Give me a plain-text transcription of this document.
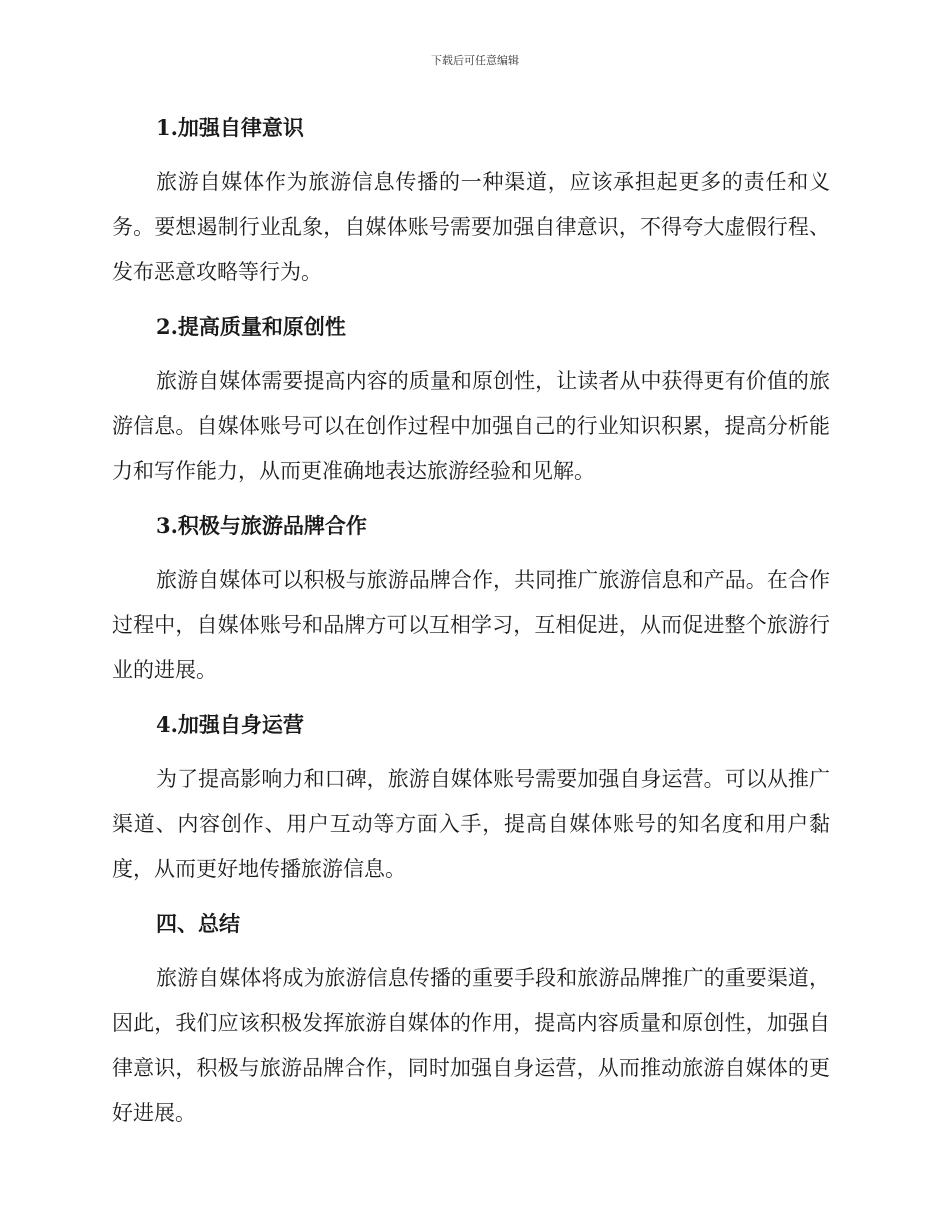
下载后可任意编辑
1.加强自律意识

旅游自媒体作为旅游信息传播的一种渠道，应该承担起更多的责任和义务。要想遏制行业乱象，自媒体账号需要加强自律意识，不得夸大虚假行程、发布恶意攻略等行为。

2.提高质量和原创性

旅游自媒体需要提高内容的质量和原创性，让读者从中获得更有价值的旅游信息。自媒体账号可以在创作过程中加强自己的行业知识积累，提高分析能力和写作能力，从而更准确地表达旅游经验和见解。

3.积极与旅游品牌合作

旅游自媒体可以积极与旅游品牌合作，共同推广旅游信息和产品。在合作过程中，自媒体账号和品牌方可以互相学习，互相促进，从而促进整个旅游行业的进展。

4.加强自身运营

为了提高影响力和口碑，旅游自媒体账号需要加强自身运营。可以从推广渠道、内容创作、用户互动等方面入手，提高自媒体账号的知名度和用户黏度，从而更好地传播旅游信息。

四、总结

旅游自媒体将成为旅游信息传播的重要手段和旅游品牌推广的重要渠道，因此，我们应该积极发挥旅游自媒体的作用，提高内容质量和原创性，加强自律意识，积极与旅游品牌合作，同时加强自身运营，从而推动旅游自媒体的更好进展。
